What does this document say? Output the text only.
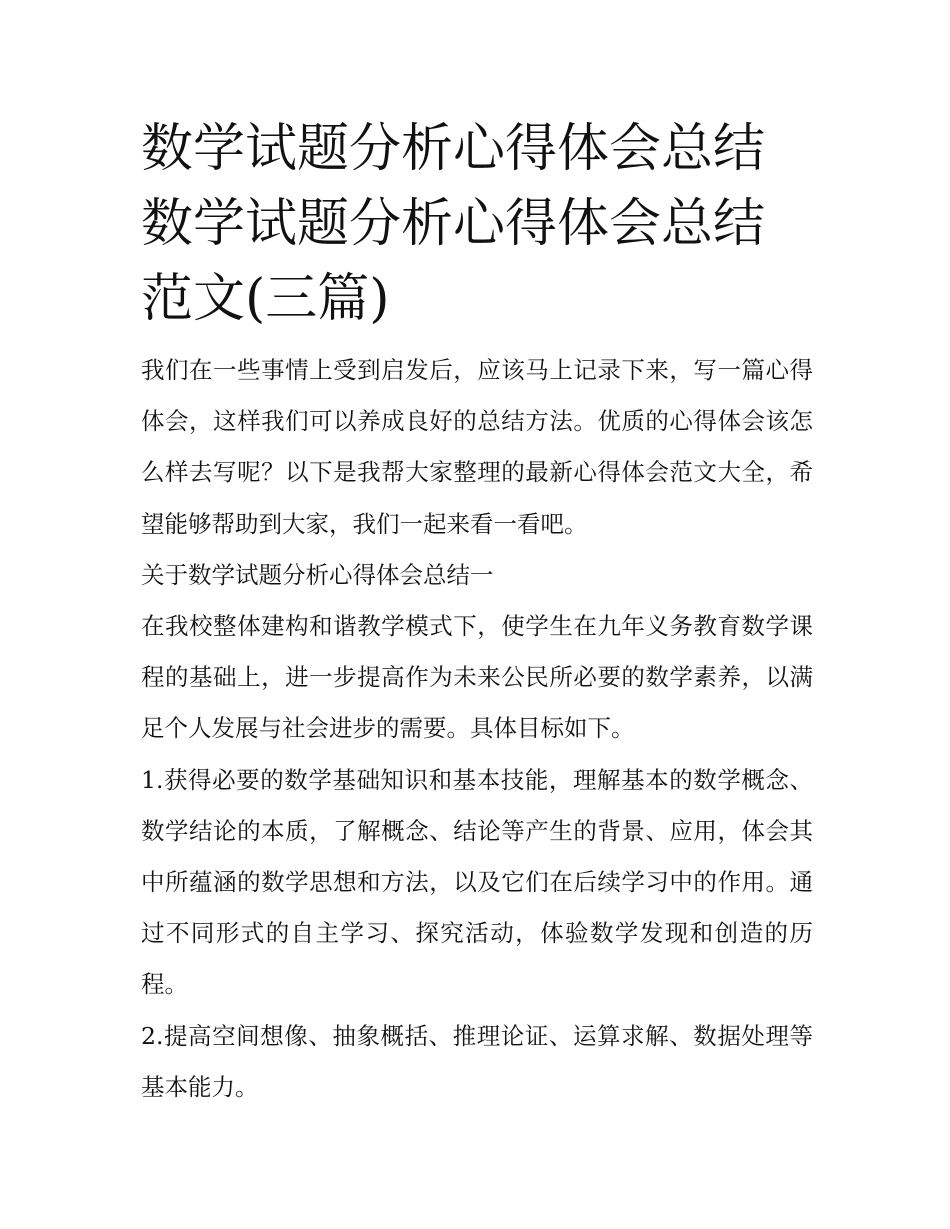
数学试题分析心得体会总结 数学试题分析心得体会总结范文(三篇)

我们在一些事情上受到启发后，应该马上记录下来，写一篇心得体会，这样我们可以养成良好的总结方法。优质的心得体会该怎么样去写呢？以下是我帮大家整理的最新心得体会范文大全，希望能够帮助到大家，我们一起来看一看吧。

关于数学试题分析心得体会总结一

在我校整体建构和谐教学模式下，使学生在九年义务教育数学课程的基础上，进一步提高作为未来公民所必要的数学素养，以满足个人发展与社会进步的需要。具体目标如下。

1.获得必要的数学基础知识和基本技能，理解基本的数学概念、数学结论的本质，了解概念、结论等产生的背景、应用，体会其中所蕴涵的数学思想和方法，以及它们在后续学习中的作用。通过不同形式的自主学习、探究活动，体验数学发现和创造的历程。

2.提高空间想像、抽象概括、推理论证、运算求解、数据处理等基本能力。
